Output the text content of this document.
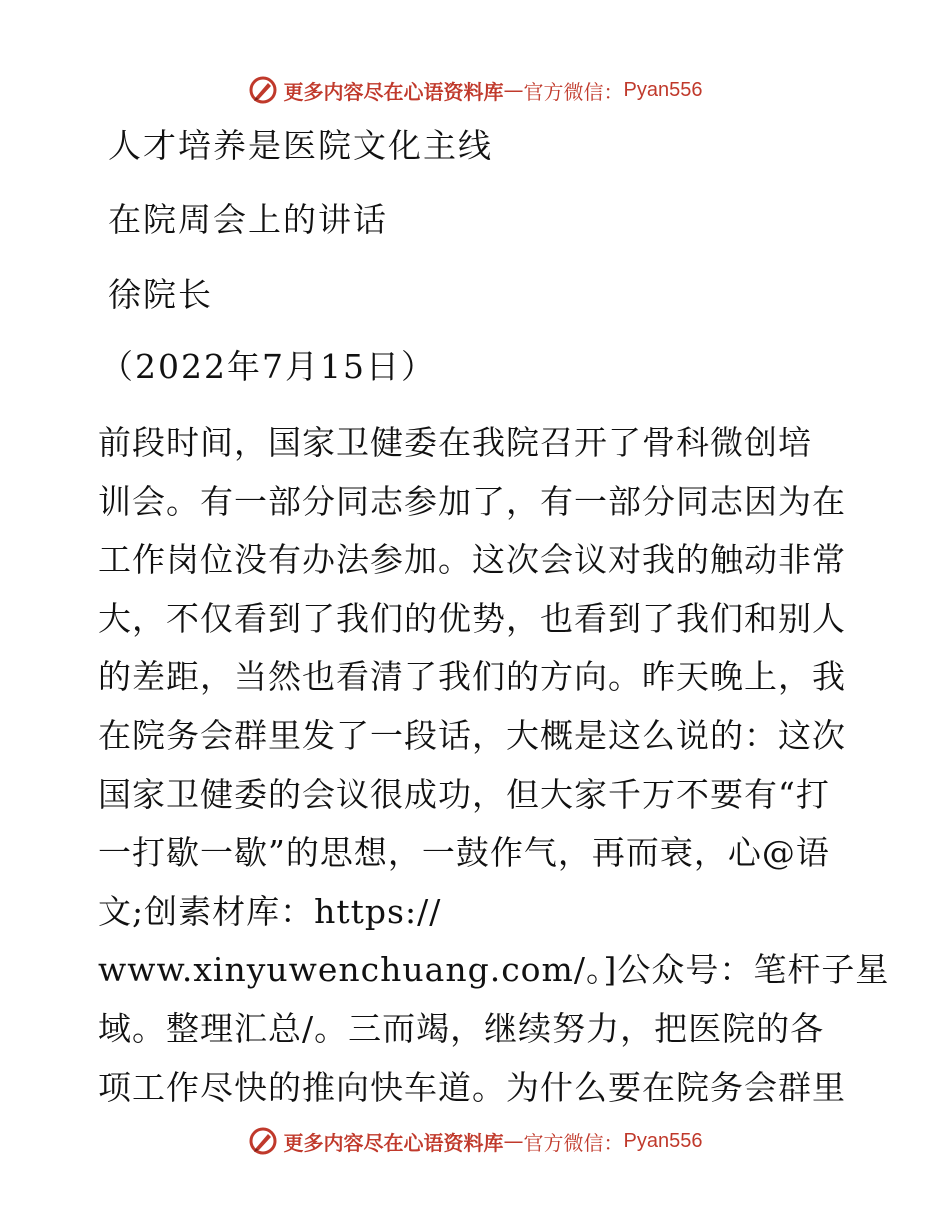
更多内容尽在心语资料库 — 官方微信： Pyan556
人才培养是医院文化主线
在院周会上的讲话
徐院长
（2022年7月15日）
前段时间，国家卫健委在我院召开了骨科微创培
训会。有一部分同志参加了，有一部分同志因为在
工作岗位没有办法参加。这次会议对我的触动非常
大，不仅看到了我们的优势，也看到了我们和别人
的差距，当然也看清了我们的方向。昨天晚上，我
在院务会群里发了一段话，大概是这么说的：这次
国家卫健委的会议很成功，但大家千万不要有“打
一打歇一歇”的思想，一鼓作气，再而衰，心@语
文;创素材库：https://
www.xinyuwenchuang.com/。]公众号：笔杆子星
域。整理汇总/。三而竭，继续努力，把医院的各
项工作尽快的推向快车道。为什么要在院务会群里
更多内容尽在心语资料库 — 官方微信： Pyan556
